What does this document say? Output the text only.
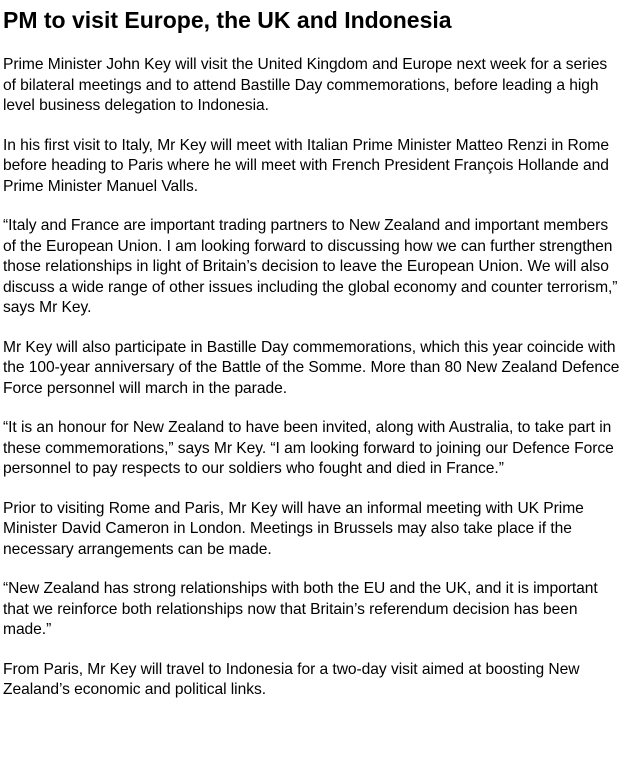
PM to visit Europe, the UK and Indonesia

Prime Minister John Key will visit the United Kingdom and Europe next week for a series of bilateral meetings and to attend Bastille Day commemorations, before leading a high level business delegation to Indonesia.

In his first visit to Italy, Mr Key will meet with Italian Prime Minister Matteo Renzi in Rome before heading to Paris where he will meet with French President François Hollande and Prime Minister Manuel Valls.

“Italy and France are important trading partners to New Zealand and important members of the European Union. I am looking forward to discussing how we can further strengthen those relationships in light of Britain’s decision to leave the European Union. We will also discuss a wide range of other issues including the global economy and counter terrorism,” says Mr Key.

Mr Key will also participate in Bastille Day commemorations, which this year coincide with the 100-year anniversary of the Battle of the Somme. More than 80 New Zealand Defence Force personnel will march in the parade.

“It is an honour for New Zealand to have been invited, along with Australia, to take part in these commemorations,” says Mr Key. “I am looking forward to joining our Defence Force personnel to pay respects to our soldiers who fought and died in France.”

Prior to visiting Rome and Paris, Mr Key will have an informal meeting with UK Prime Minister David Cameron in London. Meetings in Brussels may also take place if the necessary arrangements can be made.

“New Zealand has strong relationships with both the EU and the UK, and it is important that we reinforce both relationships now that Britain’s referendum decision has been made.”

From Paris, Mr Key will travel to Indonesia for a two-day visit aimed at boosting New Zealand’s economic and political links.
